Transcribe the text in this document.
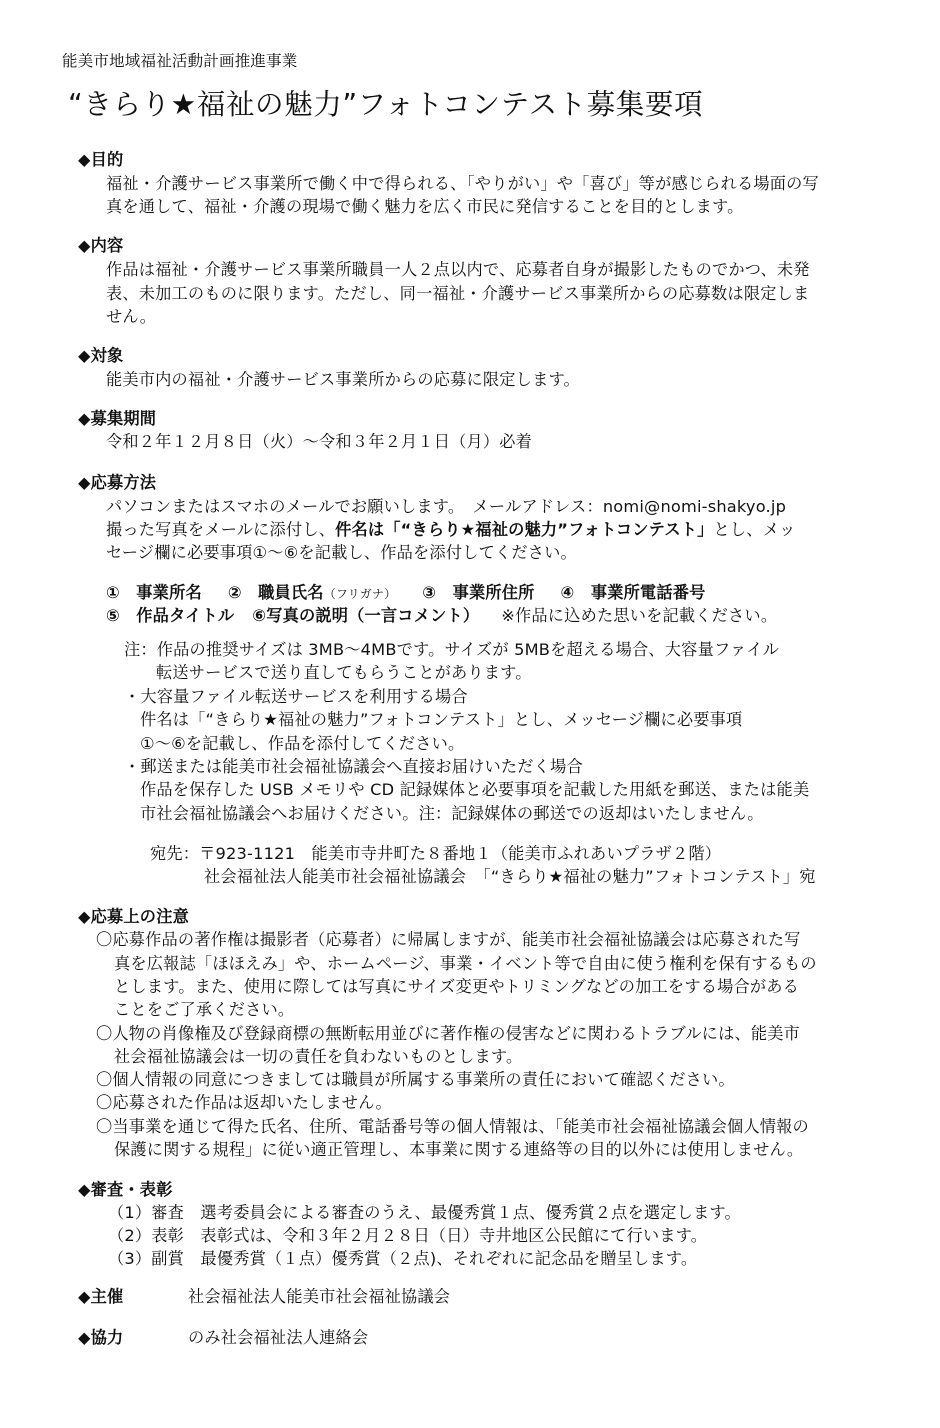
能美市地域福祉活動計画推進事業
“きらり★福祉の魅力”フォトコンテスト募集要項
◆目的
福祉・介護サービス事業所で働く中で得られる、「やりがい」や「喜び」等が感じられる場面の写
真を通して、福祉・介護の現場で働く魅力を広く市民に発信することを目的とします。
◆内容
作品は福祉・介護サービス事業所職員一人２点以内で、応募者自身が撮影したものでかつ、未発
表、未加工のものに限ります。ただし、同一福祉・介護サービス事業所からの応募数は限定しま
せん。
◆対象
能美市内の福祉・介護サービス事業所からの応募に限定します。
◆募集期間
令和２年１２月８日（火）～令和３年２月１日（月）必着
◆応募方法
パソコンまたはスマホのメールでお願いします。　メールアドレス：nomi@nomi-shakyo.jp
撮った写真をメールに添付し、件名は「“きらり★福祉の魅力”フォトコンテスト」とし、メッ
セージ欄に必要事項①～⑥を記載し、作品を添付してください。
①　事業所名 ②　職員氏名（フリガナ） ③　事業所住所 ④　事業所電話番号
⑤　作品タイトル ⑥写真の説明（一言コメント） ※作品に込めた思いを記載ください。
注：作品の推奨サイズは 3MB～4MBです。サイズが 5MBを超える場合、大容量ファイル
転送サービスで送り直してもらうことがあります。
・大容量ファイル転送サービスを利用する場合
件名は「“きらり★福祉の魅力”フォトコンテスト」とし、メッセージ欄に必要事項
①～⑥を記載し、作品を添付してください。
・郵送または能美市社会福祉協議会へ直接お届けいただく場合
作品を保存した USB メモリや CD 記録媒体と必要事項を記載した用紙を郵送、または能美
市社会福祉協議会へお届けください。注：記録媒体の郵送での返却はいたしません。
宛先：〒923-1121　能美市寺井町た８番地１（能美市ふれあいプラザ２階）
社会福祉法人能美市社会福祉協議会　「“きらり★福祉の魅力”フォトコンテスト」宛
◆応募上の注意
〇応募作品の著作権は撮影者（応募者）に帰属しますが、能美市社会福祉協議会は応募された写
真を広報誌「ほほえみ」や、ホームページ、事業・イベント等で自由に使う権利を保有するもの
とします。また、使用に際しては写真にサイズ変更やトリミングなどの加工をする場合がある
ことをご了承ください。
〇人物の肖像権及び登録商標の無断転用並びに著作権の侵害などに関わるトラブルには、能美市
社会福祉協議会は一切の責任を負わないものとします。
〇個人情報の同意につきましては職員が所属する事業所の責任において確認ください。
〇応募された作品は返却いたしません。
〇当事業を通じて得た氏名、住所、電話番号等の個人情報は、「能美市社会福祉協議会個人情報の
保護に関する規程」に従い適正管理し、本事業に関する連絡等の目的以外には使用しません。
◆審査・表彰
（1）審査　選考委員会による審査のうえ、最優秀賞１点、優秀賞２点を選定します。
（2）表彰　表彰式は、令和３年２月２８日（日）寺井地区公民館にて行います。
（3）副賞　最優秀賞（１点）優秀賞（２点)、それぞれに記念品を贈呈します。
◆主催	社会福祉法人能美市社会福祉協議会
◆協力	のみ社会福祉法人連絡会
